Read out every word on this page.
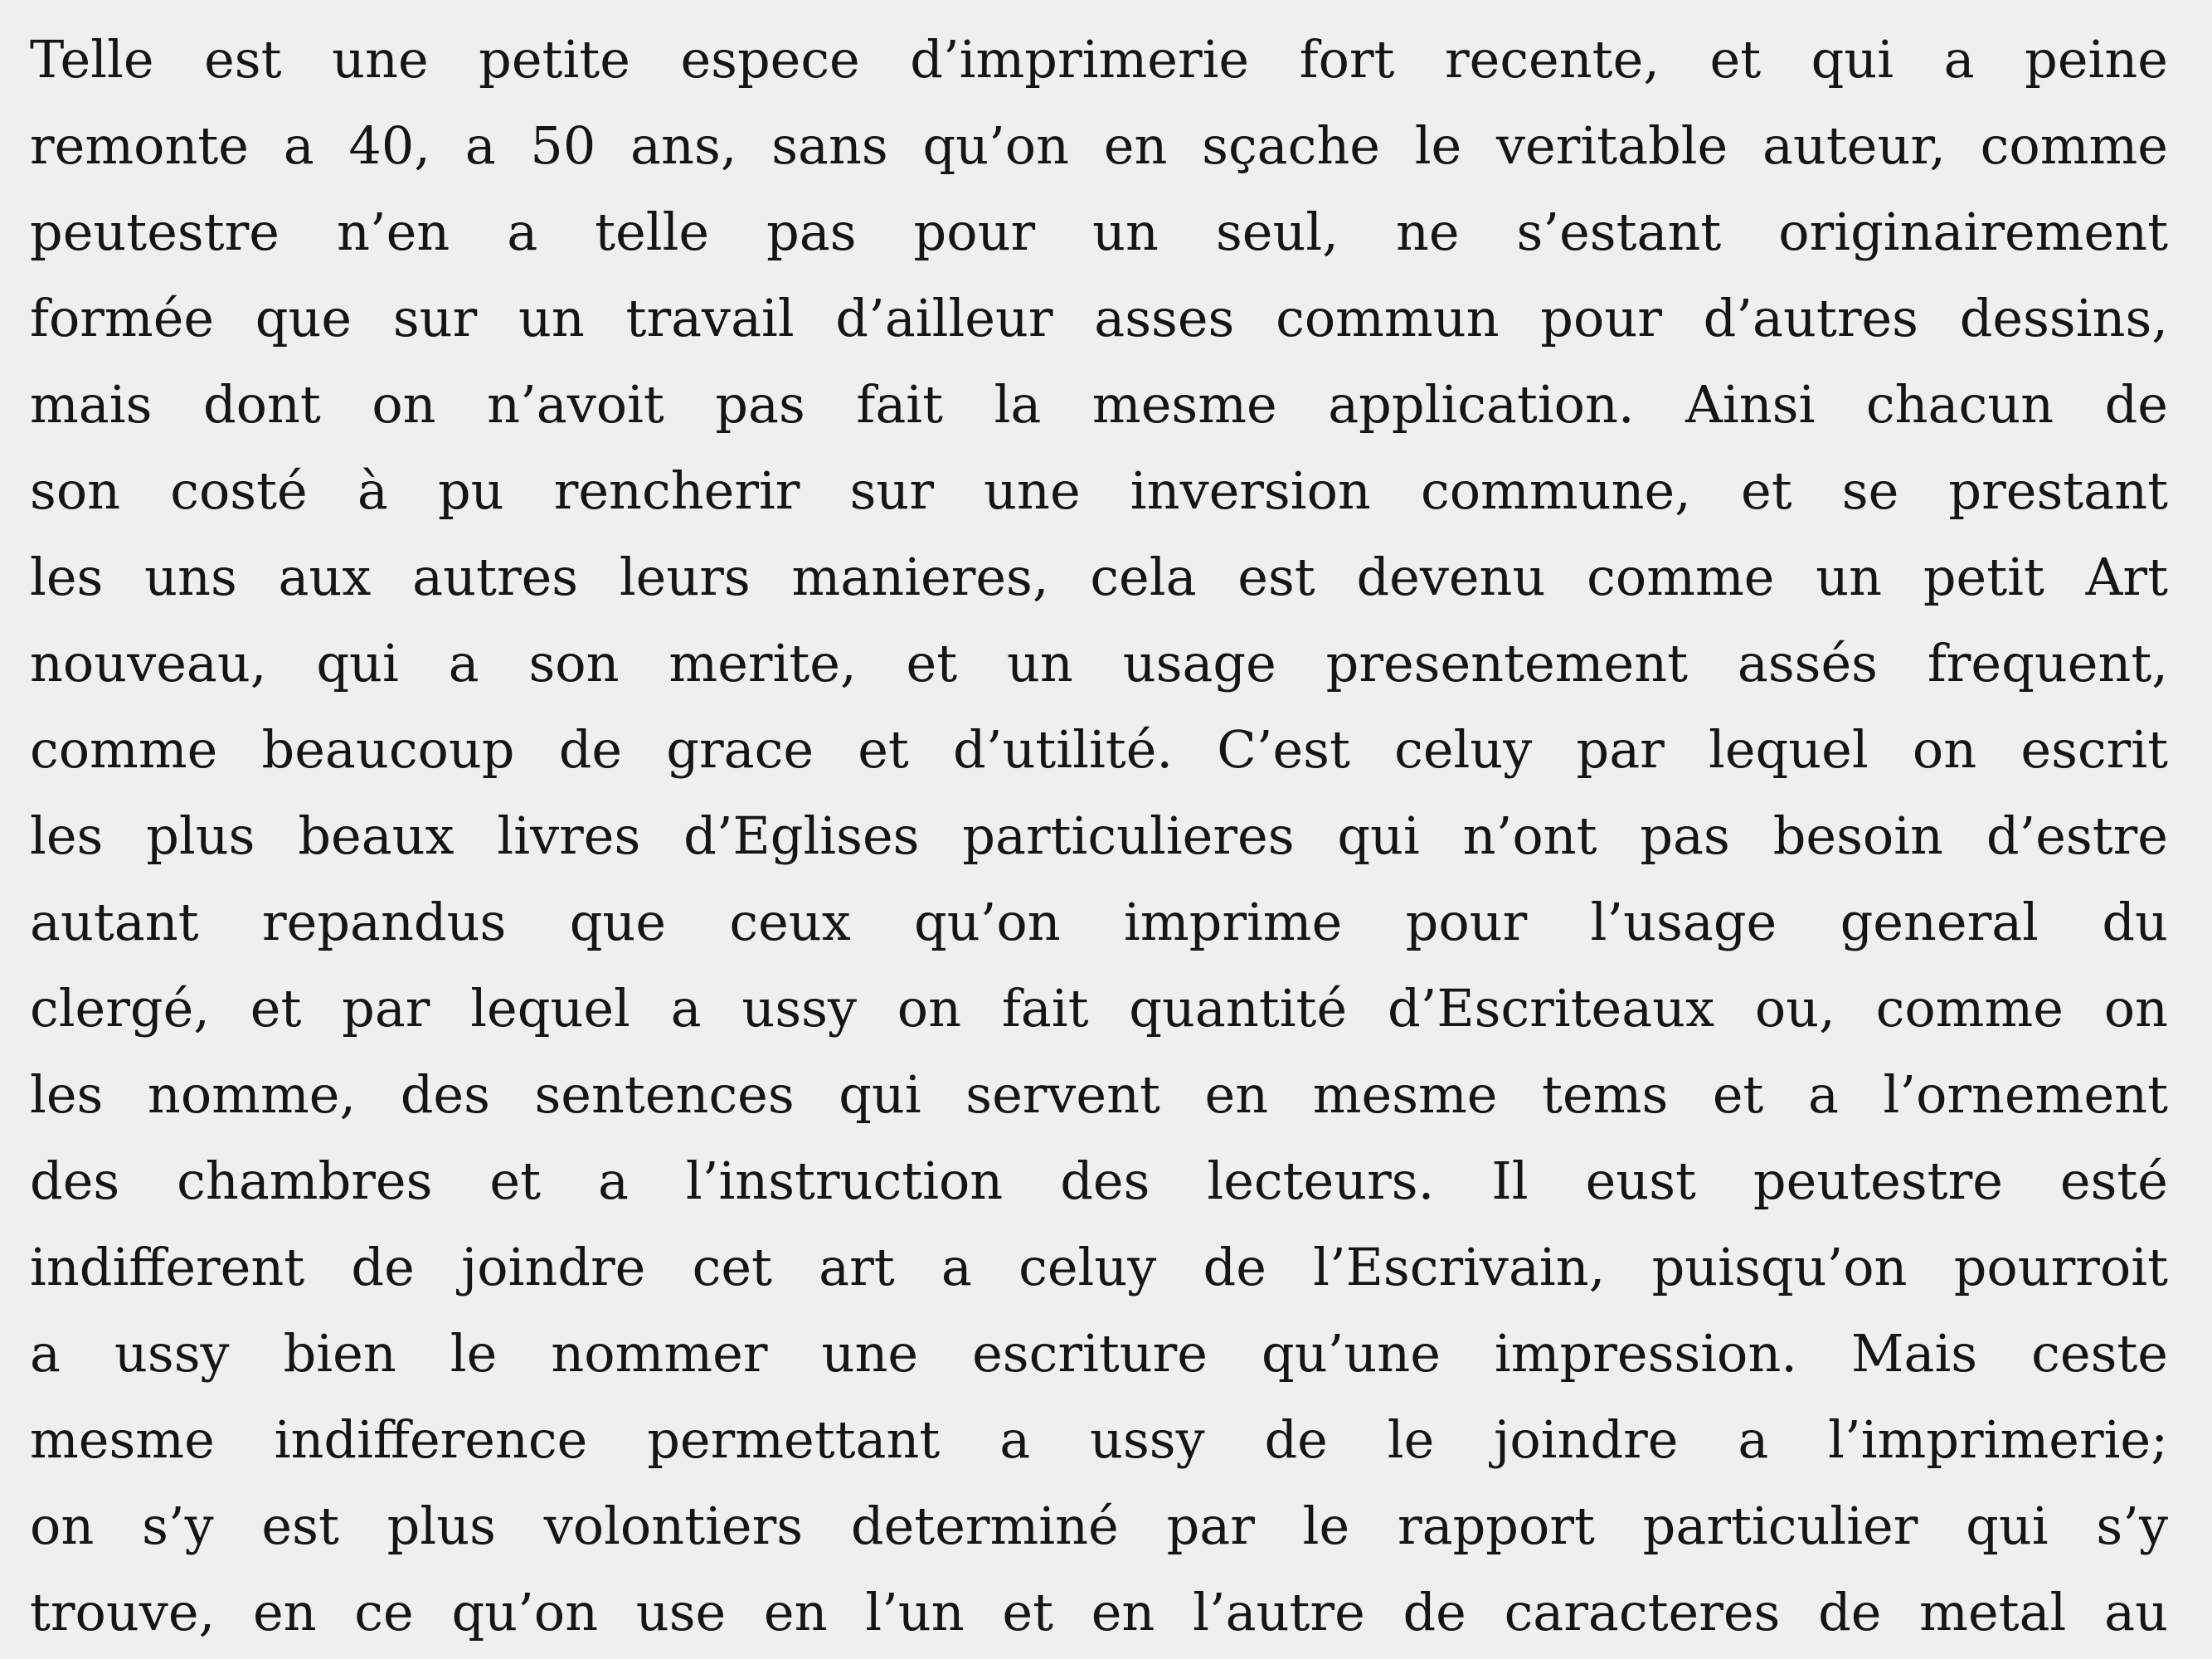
Telle est une petite espece d’imprimerie fort recente, et qui a peine
remonte a 40, a 50 ans, sans qu’on en sçache le veritable auteur, comme
peutestre n’en a telle pas pour un seul, ne s’estant originairement
formée que sur un travail d’ailleur asses commun pour d’autres dessins,
mais dont on n’avoit pas fait la mesme application. Ainsi chacun de
son costé à pu rencherir sur une inversion commune, et se prestant
les uns aux autres leurs manieres, cela est devenu comme un petit Art
nouveau, qui a son merite, et un usage presentement assés frequent,
comme beaucoup de grace et d’utilité. C’est celuy par lequel on escrit
les plus beaux livres d’Eglises particulieres qui n’ont pas besoin d’estre
autant repandus que ceux qu’on imprime pour l’usage general du
clergé, et par lequel a ussy on fait quantité d’Escriteaux ou, comme on
les nomme, des sentences qui servent en mesme tems et a l’ornement
des chambres et a l’instruction des lecteurs. Il eust peutestre esté
indifferent de joindre cet art a celuy de l’Escrivain, puisqu’on pourroit
a ussy bien le nommer une escriture qu’une impression. Mais ceste
mesme indifference permettant a ussy de le joindre a l’imprimerie;
on s’y est plus volontiers determiné par le rapport particulier qui s’y
trouve, en ce qu’on use en l’un et en l’autre de caracteres de metal au
